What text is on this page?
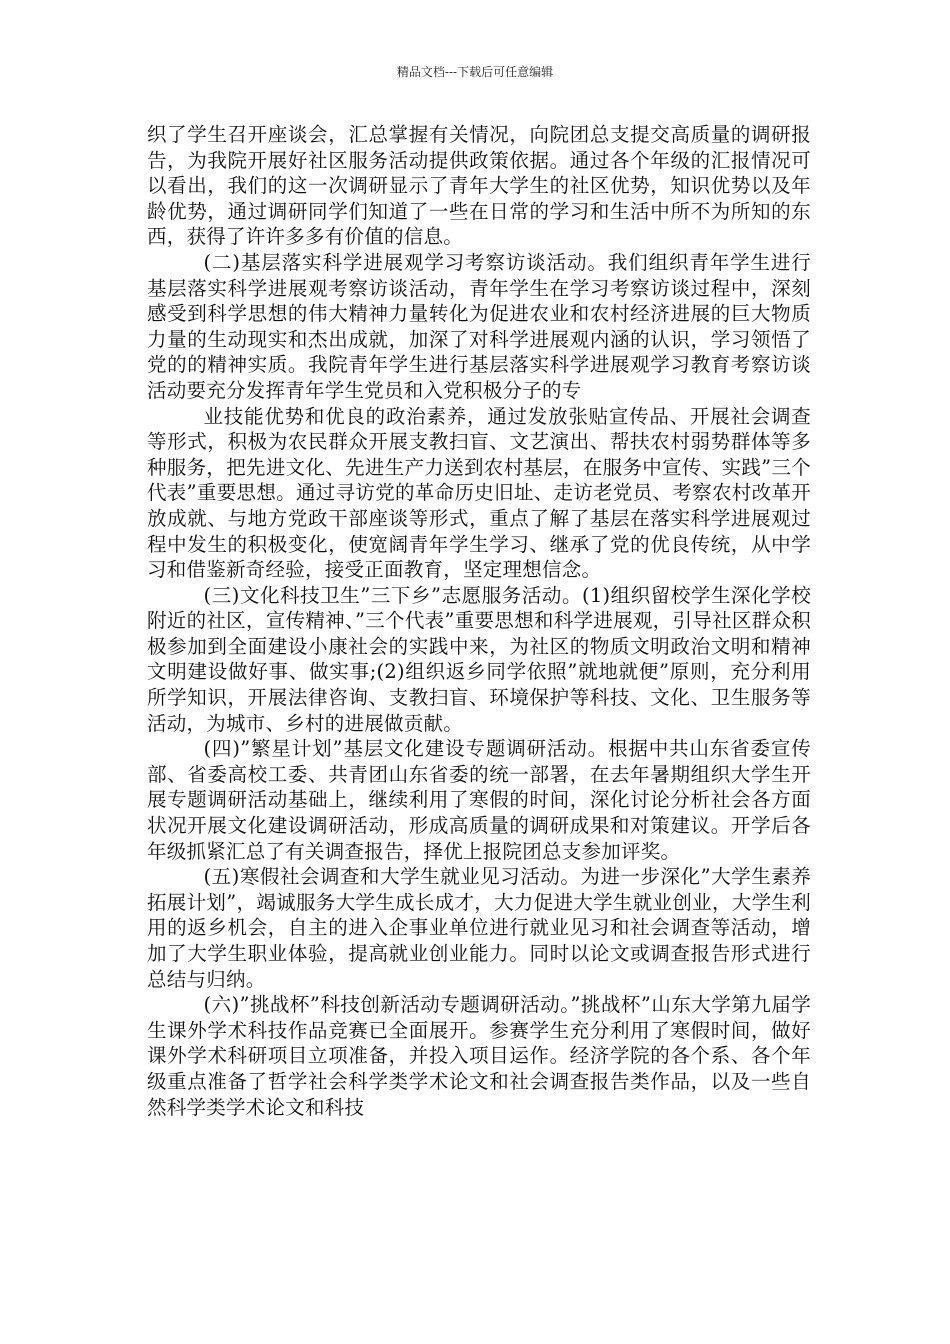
精品文档---下载后可任意编辑

织了学生召开座谈会，汇总掌握有关情况，向院团总支提交高质量的调研报告，为我院开展好社区服务活动提供政策依据。通过各个年级的汇报情况可以看出，我们的这一次调研显示了青年大学生的社区优势，知识优势以及年龄优势，通过调研同学们知道了一些在日常的学习和生活中所不为所知的东西，获得了许许多多有价值的信息。

(二)基层落实科学进展观学习考察访谈活动。我们组织青年学生进行基层落实科学进展观考察访谈活动，青年学生在学习考察访谈过程中，深刻感受到科学思想的伟大精神力量转化为促进农业和农村经济进展的巨大物质力量的生动现实和杰出成就，加深了对科学进展观内涵的认识，学习领悟了党的的精神实质。我院青年学生进行基层落实科学进展观学习教育考察访谈活动要充分发挥青年学生党员和入党积极分子的专

业技能优势和优良的政治素养，通过发放张贴宣传品、开展社会调查等形式，积极为农民群众开展支教扫盲、文艺演出、帮扶农村弱势群体等多种服务，把先进文化、先进生产力送到农村基层，在服务中宣传、实践”三个代表”重要思想。通过寻访党的革命历史旧址、走访老党员、考察农村改革开放成就、与地方党政干部座谈等形式，重点了解了基层在落实科学进展观过程中发生的积极变化，使宽阔青年学生学习、继承了党的优良传统，从中学习和借鉴新奇经验，接受正面教育，坚定理想信念。

(三)文化科技卫生”三下乡”志愿服务活动。(1)组织留校学生深化学校附近的社区，宣传精神、”三个代表”重要思想和科学进展观，引导社区群众积极参加到全面建设小康社会的实践中来，为社区的物质文明政治文明和精神文明建设做好事、做实事;(2)组织返乡同学依照”就地就便”原则，充分利用所学知识，开展法律咨询、支教扫盲、环境保护等科技、文化、卫生服务等活动，为城市、乡村的进展做贡献。

(四)”繁星计划”基层文化建设专题调研活动。根据中共山东省委宣传部、省委高校工委、共青团山东省委的统一部署，在去年暑期组织大学生开展专题调研活动基础上，继续利用了寒假的时间，深化讨论分析社会各方面状况开展文化建设调研活动，形成高质量的调研成果和对策建议。开学后各年级抓紧汇总了有关调查报告，择优上报院团总支参加评奖。

(五)寒假社会调查和大学生就业见习活动。为进一步深化”大学生素养拓展计划”，竭诚服务大学生成长成才，大力促进大学生就业创业，大学生利用的返乡机会，自主的进入企事业单位进行就业见习和社会调查等活动，增加了大学生职业体验，提高就业创业能力。同时以论文或调查报告形式进行总结与归纳。

(六)”挑战杯”科技创新活动专题调研活动。”挑战杯”山东大学第九届学生课外学术科技作品竞赛已全面展开。参赛学生充分利用了寒假时间，做好课外学术科研项目立项准备，并投入项目运作。经济学院的各个系、各个年级重点准备了哲学社会科学类学术论文和社会调查报告类作品，以及一些自然科学类学术论文和科技
